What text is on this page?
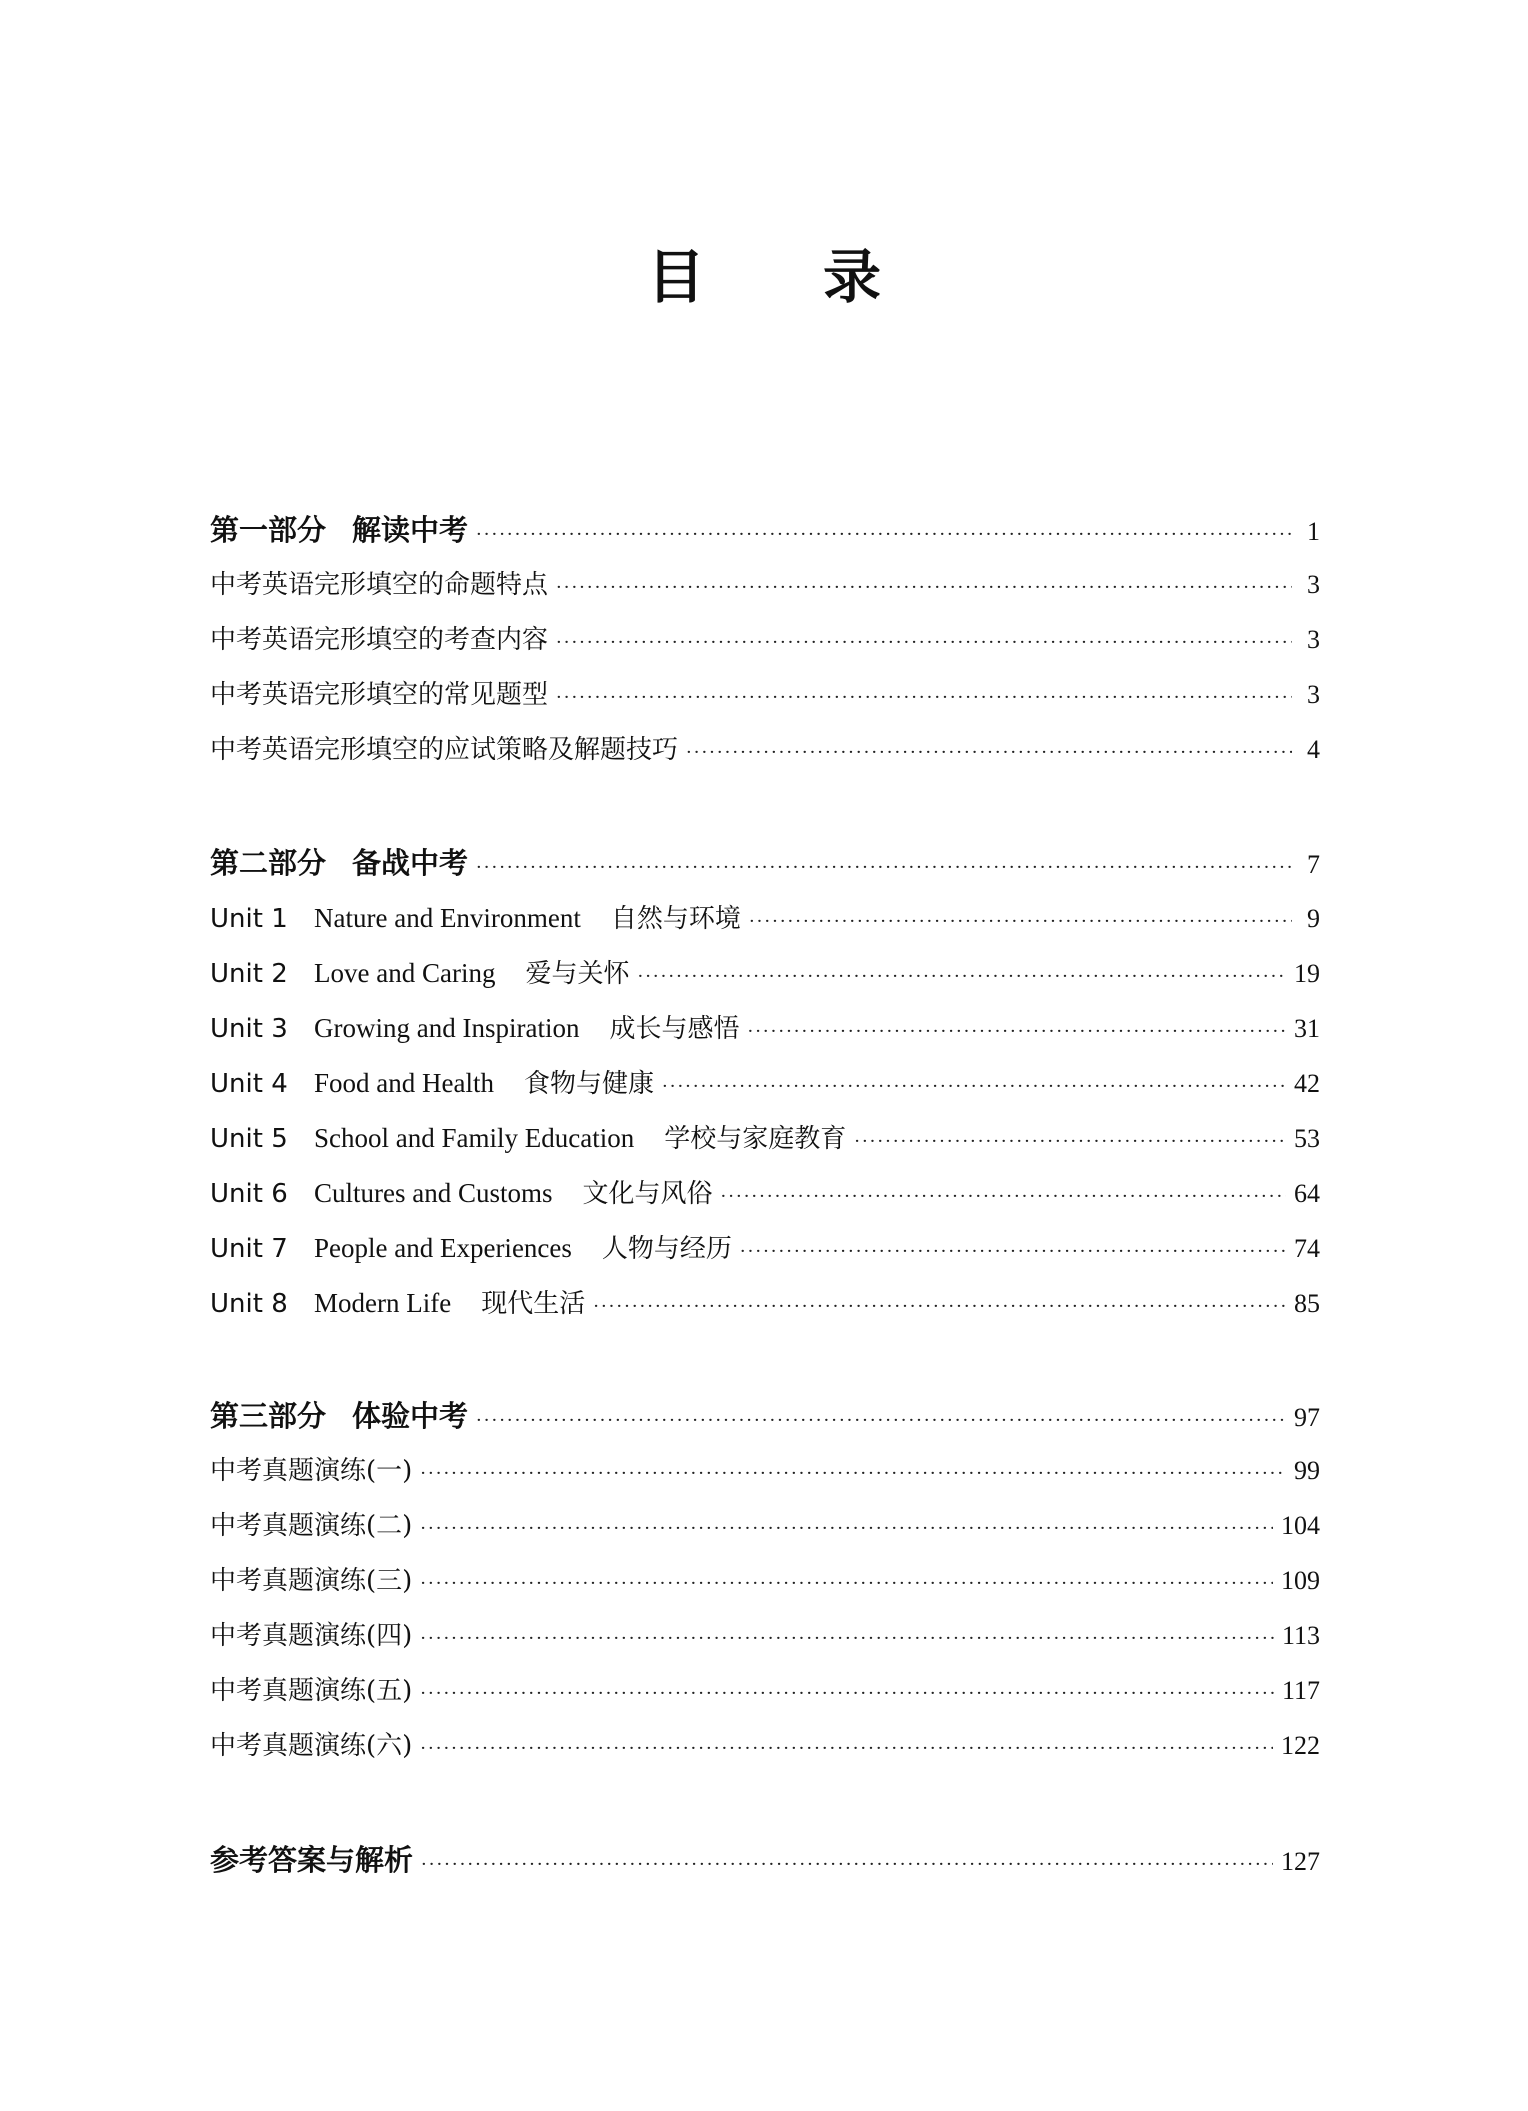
目 录
第一部分 解读中考 ·····	1
中考英语完形填空的命题特点 ·····	3
中考英语完形填空的考查内容 ·····	3
中考英语完形填空的常见题型 ·····	3
中考英语完形填空的应试策略及解题技巧 ·····	4
第二部分 备战中考 ·····	7
Unit 1 Nature and Environment 自然与环境 ·····	9
Unit 2 Love and Caring 爱与关怀 ·····	19
Unit 3 Growing and Inspiration 成长与感悟 ·····	31
Unit 4 Food and Health 食物与健康 ·····	42
Unit 5 School and Family Education 学校与家庭教育 ·····	53
Unit 6 Cultures and Customs 文化与风俗 ·····	64
Unit 7 People and Experiences 人物与经历 ·····	74
Unit 8 Modern Life 现代生活 ·····	85
第三部分 体验中考 ·····	97
中考真题演练(一) ·····	99
中考真题演练(二) ·····	104
中考真题演练(三) ·····	109
中考真题演练(四) ·····	113
中考真题演练(五) ·····	117
中考真题演练(六) ·····	122
参考答案与解析 ·····	127
